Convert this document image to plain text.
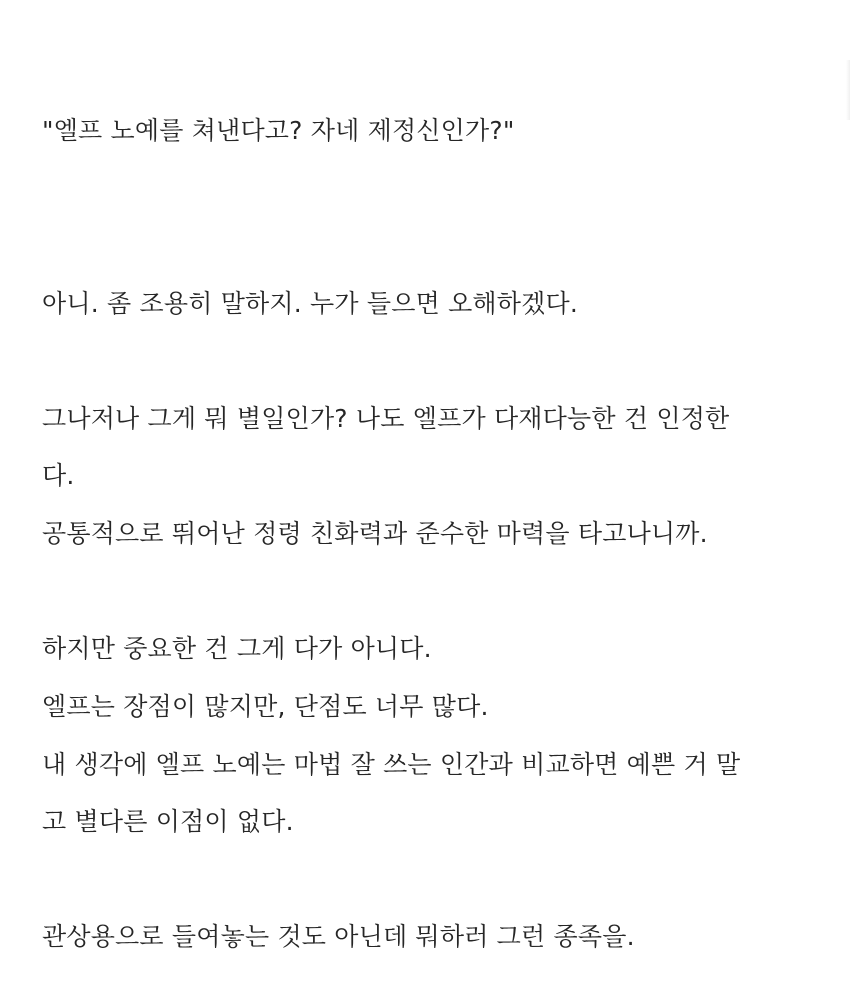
"엘프 노예를 쳐낸다고? 자네 제정신인가?"
아니. 좀 조용히 말하지. 누가 들으면 오해하겠다.
그나저나 그게 뭐 별일인가? 나도 엘프가 다재다능한 건 인정한
다.
공통적으로 뛰어난 정령 친화력과 준수한 마력을 타고나니까.
하지만 중요한 건 그게 다가 아니다.
엘프는 장점이 많지만, 단점도 너무 많다.
내 생각에 엘프 노예는 마법 잘 쓰는 인간과 비교하면 예쁜 거 말
고 별다른 이점이 없다.
관상용으로 들여놓는 것도 아닌데 뭐하러 그런 종족을.
